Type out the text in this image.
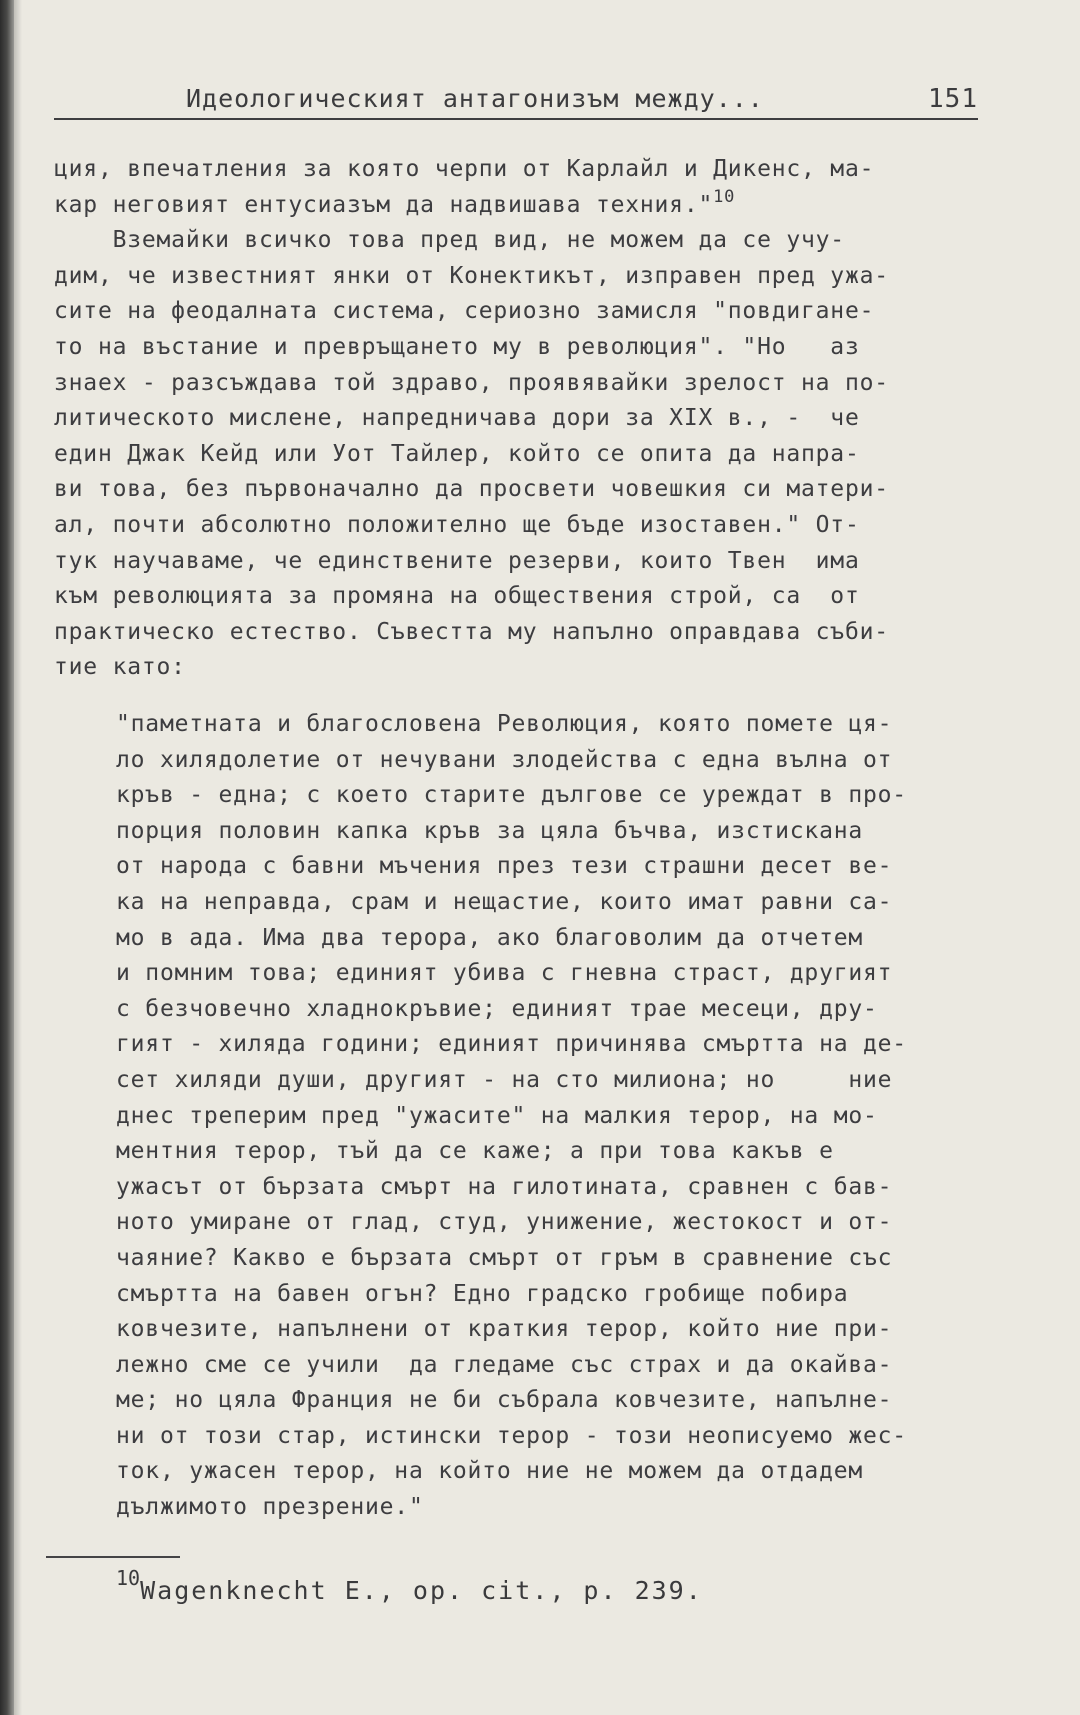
Идеологическият антагонизъм между...	151
ция, впечатления за която черпи от Карлайл и Дикенс, ма-
кар неговият ентусиазъм да надвишава техния."$^{10}$
Вземайки всичко това пред вид, не можем да се учу-
дим, че известният янки от Конектикът, изправен пред ужа-
сите на феодалната система, сериозно замисля "повдигане-
то на въстание и превръщането му в революция". "Но   аз
знаех - разсъждава той здраво, проявявайки зрелост на по-
литическото мислене, напредничава дори за XIX в., -  че
един Джак Кейд или Уот Тайлер, който се опита да напра-
ви това, без първоначално да просвети човешкия си матери-
ал, почти абсолютно положително ще бъде изоставен." От-
тук научаваме, че единствените резерви, които Твен  има
към революцията за промяна на обществения строй, са  от
практическо естество. Съвестта му напълно оправдава съби-
тие като:
"паметната и благословена Революция, която помете ця-
ло хилядолетие от нечувани злодейства с една вълна от
кръв - една; с което старите дългове се уреждат в про-
порция половин капка кръв за цяла бъчва, изстискана
от народа с бавни мъчения през тези страшни десет ве-
ка на неправда, срам и нещастие, които имат равни са-
мо в ада. Има два терора, ако благоволим да отчетем
и помним това; единият убива с гневна страст, другият
с безчовечно хладнокръвие; единият трае месеци, дру-
гият - хиляда години; единият причинява смъртта на де-
сет хиляди души, другият - на сто милиона; но     ние
днес треперим пред "ужасите" на малкия терор, на мо-
ментния терор, тъй да се каже; а при това какъв е
ужасът от бързата смърт на гилотината, сравнен с бав-
ното умиране от глад, студ, унижение, жестокост и от-
чаяние? Какво е бързата смърт от гръм в сравнение със
смъртта на бавен огън? Едно градско гробище побира
ковчезите, напълнени от краткия терор, който ние при-
лежно сме се учили  да гледаме със страх и да окайва-
ме; но цяла Франция не би събрала ковчезите, напълне-
ни от този стар, истински терор - този неописуемо жес-
ток, ужасен терор, на който ние не можем да отдадем
дължимото презрение."
$^{10}$Wagenknecht E., op. cit., p. 239.
